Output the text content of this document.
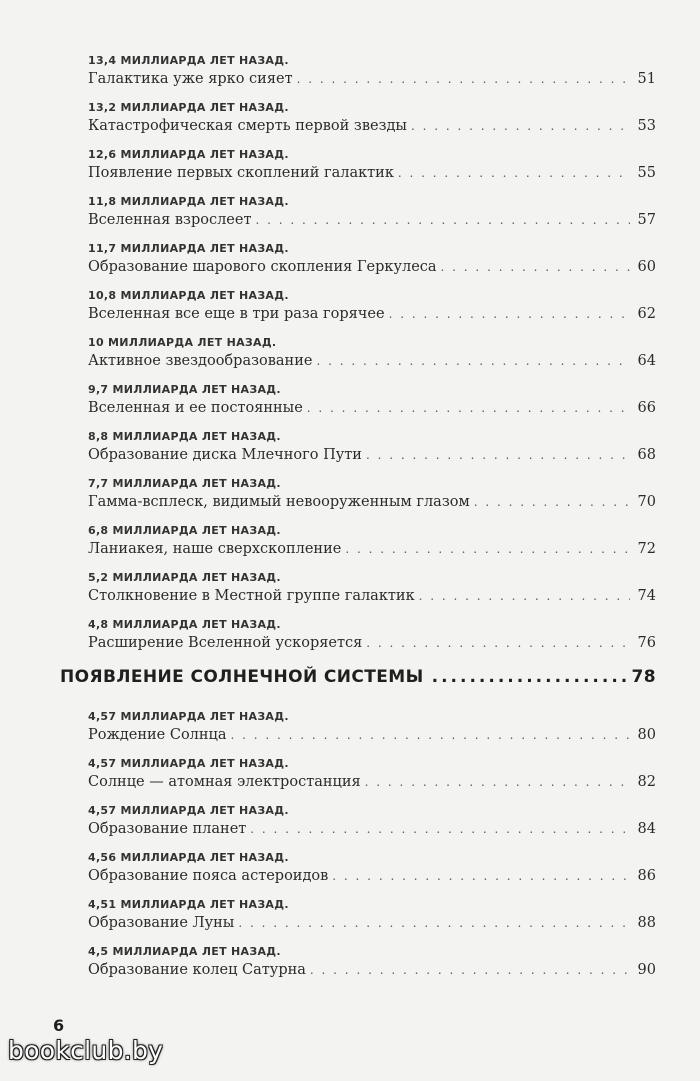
13,4 МИЛЛИАРДА ЛЕТ НАЗАД.
Галактика уже ярко сияет . . .	51
13,2 МИЛЛИАРДА ЛЕТ НАЗАД.
Катастрофическая смерть первой звезды . . .	53
12,6 МИЛЛИАРДА ЛЕТ НАЗАД.
Появление первых скоплений галактик . . .	55
11,8 МИЛЛИАРДА ЛЕТ НАЗАД.
Вселенная взрослеет . . .	57
11,7 МИЛЛИАРДА ЛЕТ НАЗАД.
Образование шарового скопления Геркулеса . . .	60
10,8 МИЛЛИАРДА ЛЕТ НАЗАД.
Вселенная все еще в три раза горячее . . .	62
10 МИЛЛИАРДА ЛЕТ НАЗАД.
Активное звездообразование . . .	64
9,7 МИЛЛИАРДА ЛЕТ НАЗАД.
Вселенная и ее постоянные . . .	66
8,8 МИЛЛИАРДА ЛЕТ НАЗАД.
Образование диска Млечного Пути . . .	68
7,7 МИЛЛИАРДА ЛЕТ НАЗАД.
Гамма-всплеск, видимый невооруженным глазом . . .	70
6,8 МИЛЛИАРДА ЛЕТ НАЗАД.
Ланиакея, наше сверхскопление . . .	72
5,2 МИЛЛИАРДА ЛЕТ НАЗАД.
Столкновение в Местной группе галактик . . .	74
4,8 МИЛЛИАРДА ЛЕТ НАЗАД.
Расширение Вселенной ускоряется . . .	76
ПОЯВЛЕНИЕ СОЛНЕЧНОЙ СИСТЕМЫ .....	78
4,57 МИЛЛИАРДА ЛЕТ НАЗАД.
Рождение Солнца . . .	80
4,57 МИЛЛИАРДА ЛЕТ НАЗАД.
Солнце — атомная электростанция . . .	82
4,57 МИЛЛИАРДА ЛЕТ НАЗАД.
Образование планет . . .	84
4,56 МИЛЛИАРДА ЛЕТ НАЗАД.
Образование пояса астероидов . . .	86
4,51 МИЛЛИАРДА ЛЕТ НАЗАД.
Образование Луны . . .	88
4,5 МИЛЛИАРДА ЛЕТ НАЗАД.
Образование колец Сатурна . . .	90
6
bookclub.by
